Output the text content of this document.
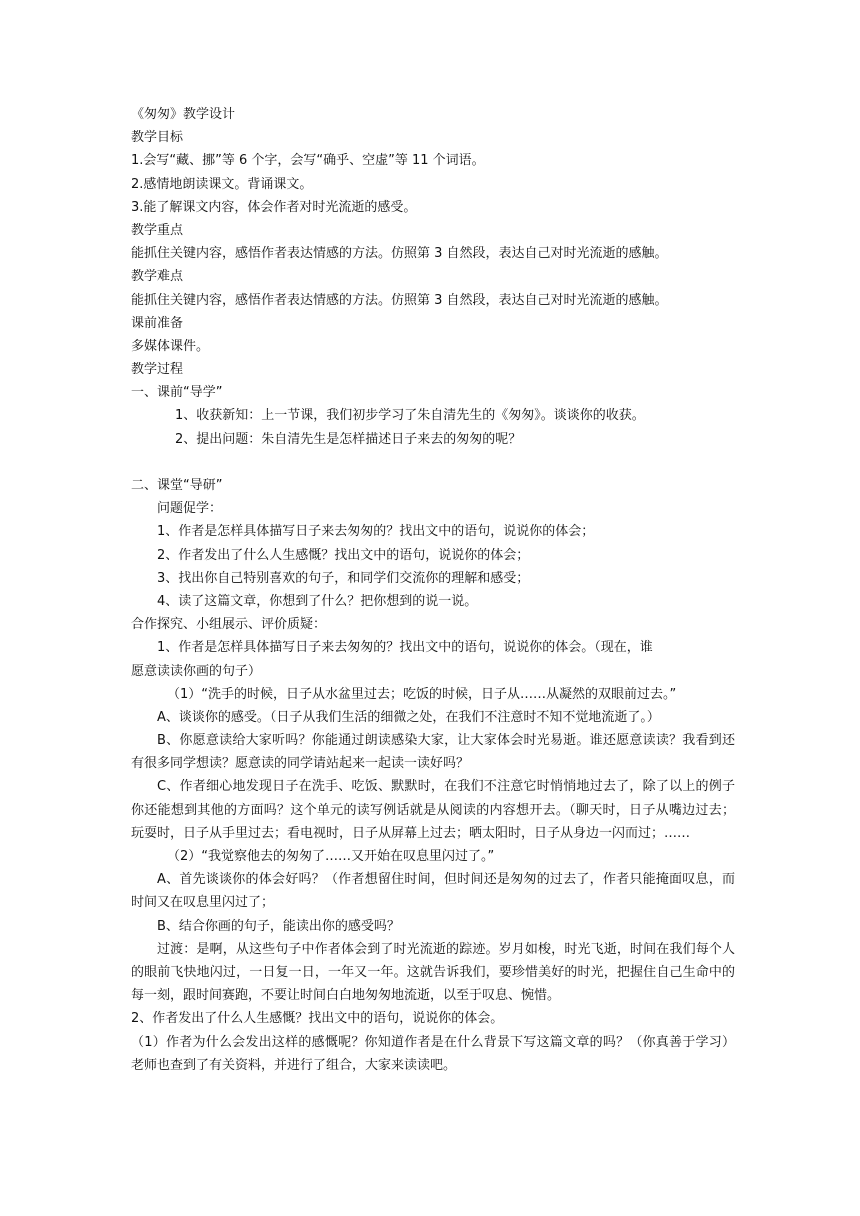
《匆匆》教学设计
教学目标
1.会写“藏、挪”等 6 个字，会写“确乎、空虚”等 11 个词语。
2.感情地朗读课文。背诵课文。
3.能了解课文内容，体会作者对时光流逝的感受。
教学重点
能抓住关键内容，感悟作者表达情感的方法。仿照第 3 自然段，表达自己对时光流逝的感触。
教学难点
能抓住关键内容，感悟作者表达情感的方法。仿照第 3 自然段，表达自己对时光流逝的感触。
课前准备
多媒体课件。
教学过程
一、课前“导学”
1、收获新知：上一节课，我们初步学习了朱自清先生的《匆匆》。谈谈你的收获。
2、提出问题：朱自清先生是怎样描述日子来去的匆匆的呢？
二、课堂“导研”
问题促学：
1、作者是怎样具体描写日子来去匆匆的？找出文中的语句，说说你的体会；
2、作者发出了什么人生感慨？找出文中的语句，说说你的体会；
3、找出你自己特别喜欢的句子，和同学们交流你的理解和感受；
4、读了这篇文章，你想到了什么？把你想到的说一说。
合作探究、小组展示、评价质疑：
1、作者是怎样具体描写日子来去匆匆的？找出文中的语句，说说你的体会。（现在，谁
愿意读读你画的句子）
（1）“洗手的时候，日子从水盆里过去；吃饭的时候，日子从……从凝然的双眼前过去。”
A、谈谈你的感受。（日子从我们生活的细微之处，在我们不注意时不知不觉地流逝了。）
B、你愿意读给大家听吗？你能通过朗读感染大家，让大家体会时光易逝。谁还愿意读读？我看到还有很多同学想读？愿意读的同学请站起来一起读一读好吗？
C、作者细心地发现日子在洗手、吃饭、默默时，在我们不注意它时悄悄地过去了，除了以上的例子你还能想到其他的方面吗？这个单元的读写例话就是从阅读的内容想开去。（聊天时，日子从嘴边过去；玩耍时，日子从手里过去；看电视时，日子从屏幕上过去；晒太阳时，日子从身边一闪而过；……
（2）“我觉察他去的匆匆了……又开始在叹息里闪过了。”
A、首先谈谈你的体会好吗？（作者想留住时间，但时间还是匆匆的过去了，作者只能掩面叹息，而时间又在叹息里闪过了；
B、结合你画的句子，能读出你的感受吗？
过渡：是啊，从这些句子中作者体会到了时光流逝的踪迹。岁月如梭，时光飞逝，时间在我们每个人的眼前飞快地闪过，一日复一日，一年又一年。这就告诉我们，要珍惜美好的时光，把握住自己生命中的每一刻，跟时间赛跑，不要让时间白白地匆匆地流逝，以至于叹息、惋惜。
2、作者发出了什么人生感慨？找出文中的语句，说说你的体会。
（1）作者为什么会发出这样的感慨呢？你知道作者是在什么背景下写这篇文章的吗？（你真善于学习）老师也查到了有关资料，并进行了组合，大家来读读吧。
